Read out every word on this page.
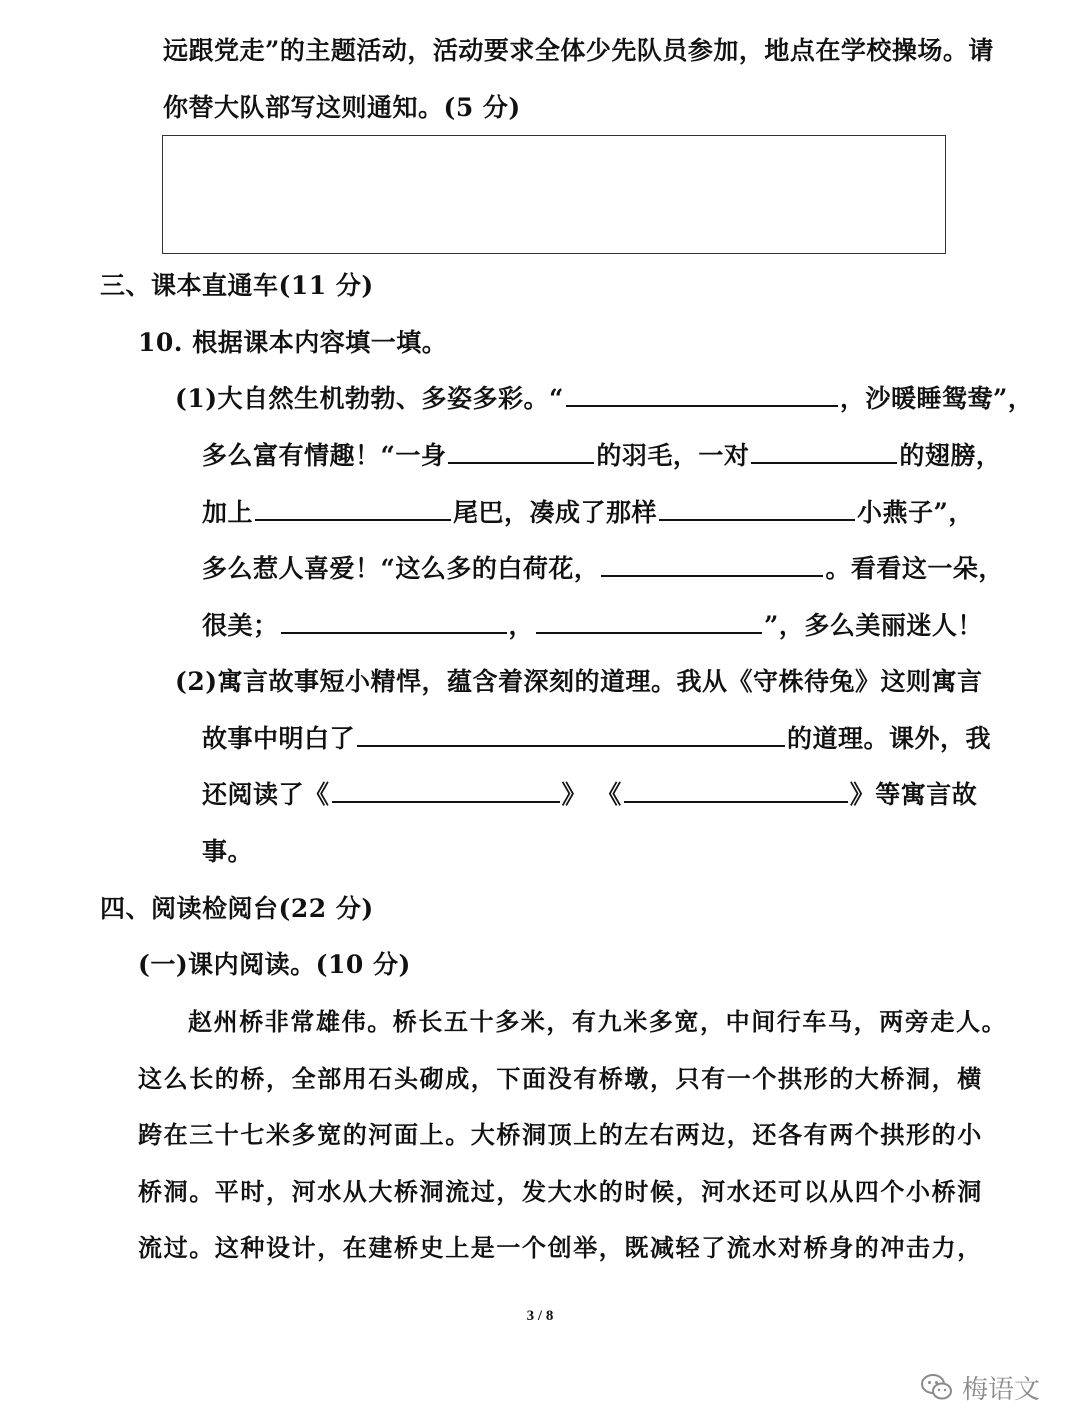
远跟党走”的主题活动，活动要求全体少先队员参加，地点在学校操场。请
你替大队部写这则通知。(5 分)
三、课本直通车(11 分)
10. 根据课本内容填一填。
(1)大自然生机勃勃、多姿多彩。“	，沙暖睡鸳鸯”，
多么富有情趣！“一身	的羽毛，一对	的翅膀，
加上	尾巴，凑成了那样	小燕子”，
多么惹人喜爱！“这么多的白荷花，	。看看这一朵，
很美；	，	”，多么美丽迷人！
(2)寓言故事短小精悍，蕴含着深刻的道理。我从《守株待兔》这则寓言
故事中明白了	的道理。课外，我
还阅读了《	》 《	》等寓言故
事。
四、阅读检阅台(22 分)
(一)课内阅读。(10 分)
赵州桥非常雄伟。桥长五十多米，有九米多宽，中间行车马，两旁走人。
这么长的桥，全部用石头砌成，下面没有桥墩，只有一个拱形的大桥洞，横
跨在三十七米多宽的河面上。大桥洞顶上的左右两边，还各有两个拱形的小
桥洞。平时，河水从大桥洞流过，发大水的时候，河水还可以从四个小桥洞
流过。这种设计，在建桥史上是一个创举，既减轻了流水对桥身的冲击力，
3 / 8
梅语文
